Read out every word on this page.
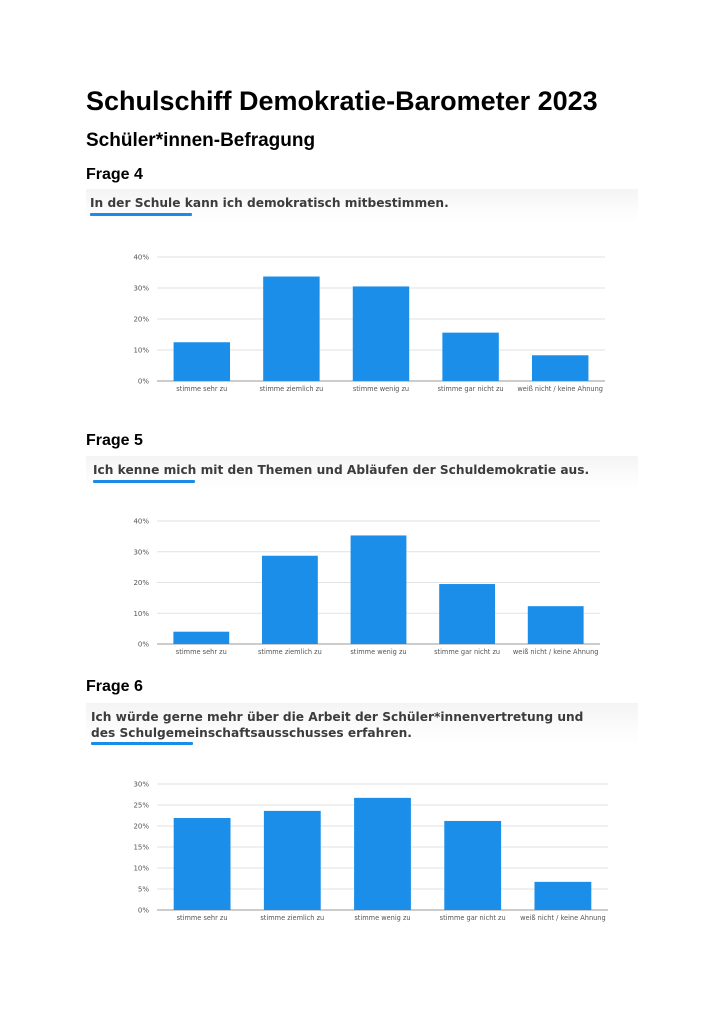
Schulschiff Demokratie-Barometer 2023
Schüler*innen-Befragung
Frage 4
In der Schule kann ich demokratisch mitbestimmen.
0%
10%
20%
30%
40%
stimme sehr zu	stimme ziemlich zu	stimme wenig zu	stimme gar nicht zu weiß nicht / keine Ahnung
Frage 5
Ich kenne mich mit den Themen und Abläufen der Schuldemokratie aus.
0%
10%
20%
30%
40%
stimme sehr zu	stimme ziemlich zu	stimme wenig zu	stimme gar nicht zu weiß nicht / keine Ahnung
Frage 6
Ich würde gerne mehr über die Arbeit der Schüler*innenvertretung und des Schulgemeinschaftsausschusses erfahren.
0%
5%
10%
15%
20%
25%
30%
stimme sehr zu	stimme ziemlich zu	stimme wenig zu	stimme gar nicht zu weiß nicht / keine Ahnung
